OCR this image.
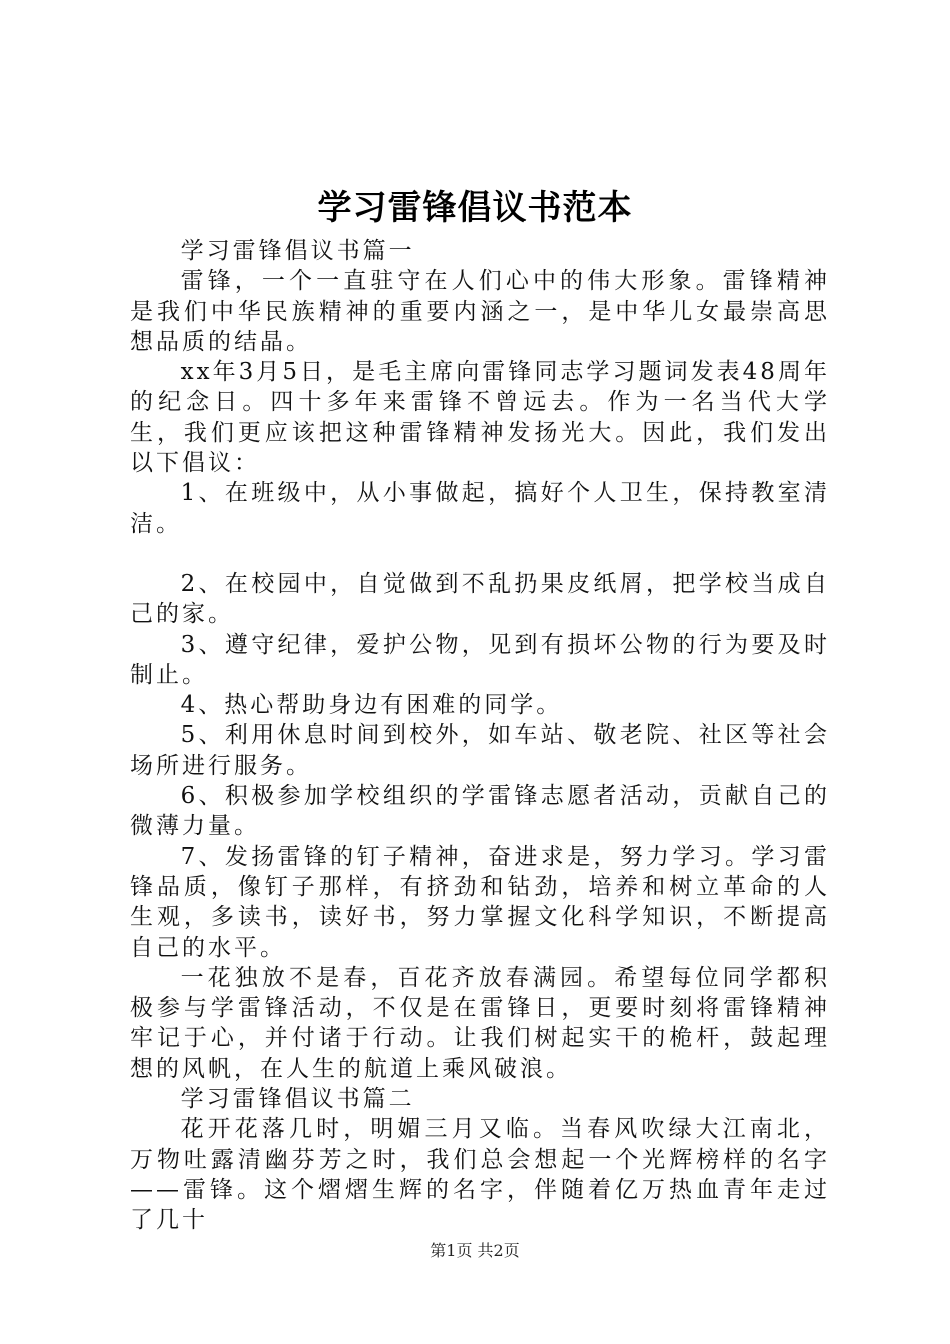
学习雷锋倡议书范本

学习雷锋倡议书篇一

雷锋，一个一直驻守在人们心中的伟大形象。雷锋精神是我们中华民族精神的重要内涵之一，是中华儿女最崇高思想品质的结晶。

xx年3月5日，是毛主席向雷锋同志学习题词发表48周年的纪念日。四十多年来雷锋不曾远去。作为一名当代大学生，我们更应该把这种雷锋精神发扬光大。因此，我们发出以下倡议：

1、在班级中，从小事做起，搞好个人卫生，保持教室清洁。

2、在校园中，自觉做到不乱扔果皮纸屑，把学校当成自己的家。

3、遵守纪律，爱护公物，见到有损坏公物的行为要及时制止。

4、热心帮助身边有困难的同学。

5、利用休息时间到校外，如车站、敬老院、社区等社会场所进行服务。

6、积极参加学校组织的学雷锋志愿者活动，贡献自己的微薄力量。

7、发扬雷锋的钉子精神，奋进求是，努力学习。学习雷锋品质，像钉子那样，有挤劲和钻劲，培养和树立革命的人生观，多读书，读好书，努力掌握文化科学知识，不断提高自己的水平。

一花独放不是春，百花齐放春满园。希望每位同学都积极参与学雷锋活动，不仅是在雷锋日，更要时刻将雷锋精神牢记于心，并付诸于行动。让我们树起实干的桅杆，鼓起理想的风帆，在人生的航道上乘风破浪。

学习雷锋倡议书篇二

花开花落几时，明媚三月又临。当春风吹绿大江南北，万物吐露清幽芬芳之时，我们总会想起一个光辉榜样的名字——雷锋。这个熠熠生辉的名字，伴随着亿万热血青年走过了几十

第1页 共2页
